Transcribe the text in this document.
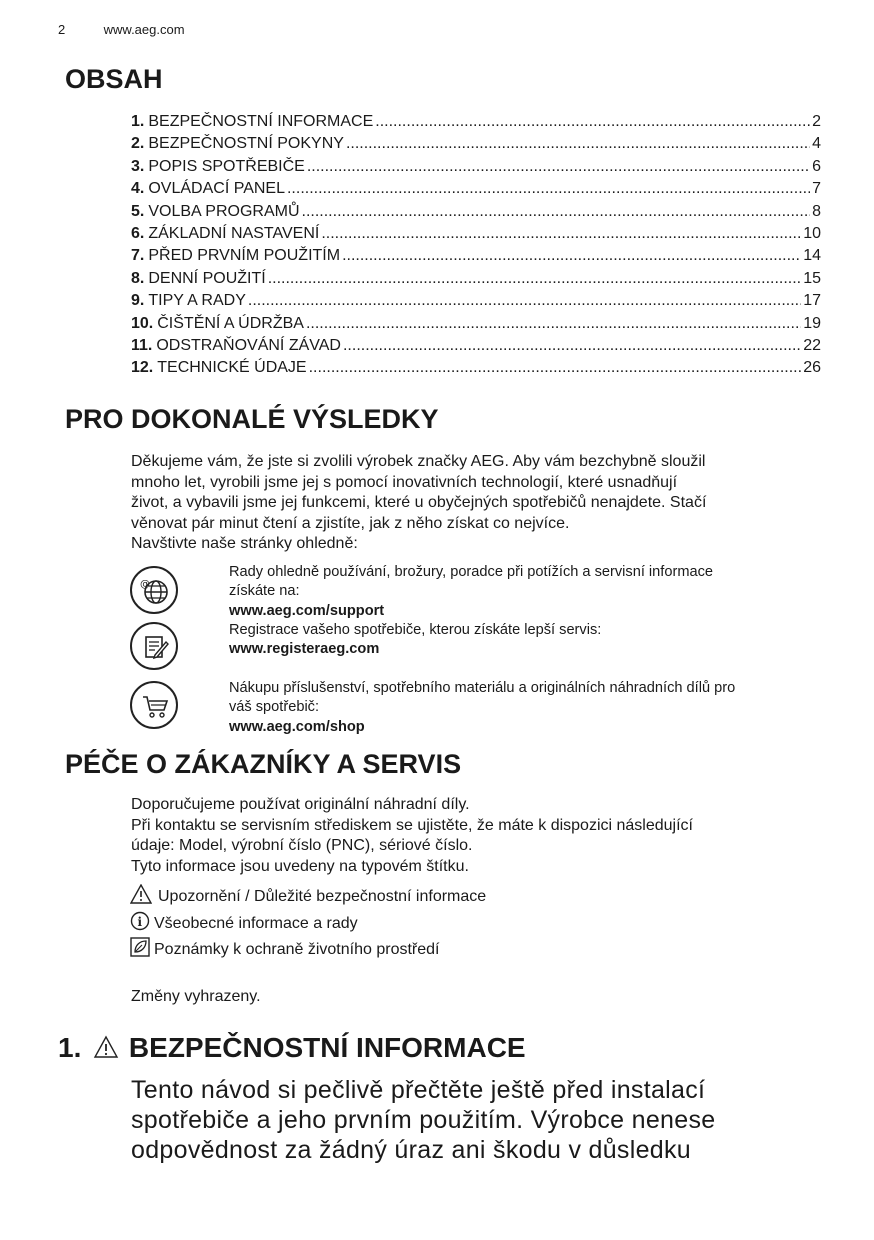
2	www.aeg.com
OBSAH
1. BEZPEČNOSTNÍ INFORMACE .....	2
2. BEZPEČNOSTNÍ POKYNY .....	4
3. POPIS SPOTŘEBIČE .....	6
4. OVLÁDACÍ PANEL .....	7
5. VOLBA PROGRAMŮ .....	8
6. ZÁKLADNÍ NASTAVENÍ .....	10
7. PŘED PRVNÍM POUŽITÍM .....	14
8. DENNÍ POUŽITÍ .....	15
9. TIPY A RADY .....	17
10. ČIŠTĚNÍ A ÚDRŽBA .....	19
11. ODSTRAŇOVÁNÍ ZÁVAD .....	22
12. TECHNICKÉ ÚDAJE .....	26
PRO DOKONALÉ VÝSLEDKY
Děkujeme vám, že jste si zvolili výrobek značky AEG. Aby vám bezchybně sloužil
mnoho let, vyrobili jsme jej s pomocí inovativních technologií, které usnadňují
život, a vybavili jsme jej funkcemi, které u obyčejných spotřebičů nenajdete. Stačí
věnovat pár minut čtení a zjistíte, jak z něho získat co nejvíce.
Navštivte naše stránky ohledně:
@
Rady ohledně používání, brožury, poradce při potížích a servisní informace
získáte na:
www.aeg.com/support
Registrace vašeho spotřebiče, kterou získáte lepší servis:
www.registeraeg.com
Nákupu příslušenství, spotřebního materiálu a originálních náhradních dílů pro
váš spotřebič:
www.aeg.com/shop
PÉČE O ZÁKAZNÍKY A SERVIS
Doporučujeme používat originální náhradní díly.
Při kontaktu se servisním střediskem se ujistěte, že máte k dispozici následující
údaje: Model, výrobní číslo (PNC), sériové číslo.
Tyto informace jsou uvedeny na typovém štítku.
Upozornění / Důležité bezpečnostní informace
i Všeobecné informace a rady
Poznámky k ochraně životního prostředí
Změny vyhrazeny.
1. BEZPEČNOSTNÍ INFORMACE
Tento návod si pečlivě přečtěte ještě před instalací
spotřebiče a jeho prvním použitím. Výrobce nenese
odpovědnost za žádný úraz ani škodu v důsledku
